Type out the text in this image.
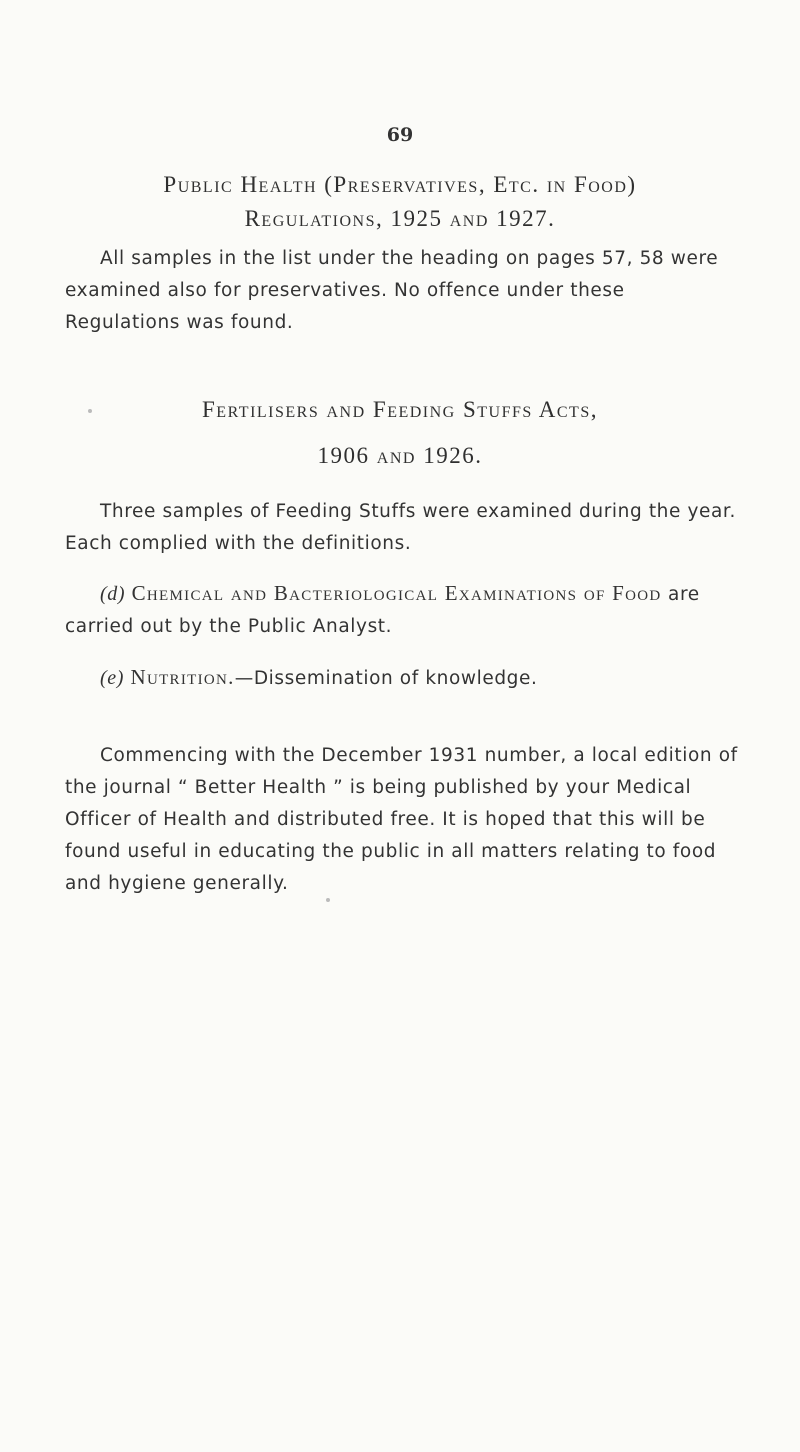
69
Public Health (Preservatives, Etc. in Food)
Regulations, 1925 and 1927.

All samples in the list under the heading on pages 57, 58 were examined also for preservatives. No offence under these Regulations was found.

Fertilisers and Feeding Stuffs Acts,
1906 and 1926.

Three samples of Feeding Stuffs were examined during the year. Each complied with the definitions.

(d) Chemical and Bacteriological Examinations of Food are carried out by the Public Analyst.

(e) Nutrition.—Dissemination of knowledge.

Commencing with the December 1931 number, a local edition of the journal “ Better Health ” is being published by your Medical Officer of Health and distributed free. It is hoped that this will be found useful in educating the public in all matters relating to food and hygiene generally.
